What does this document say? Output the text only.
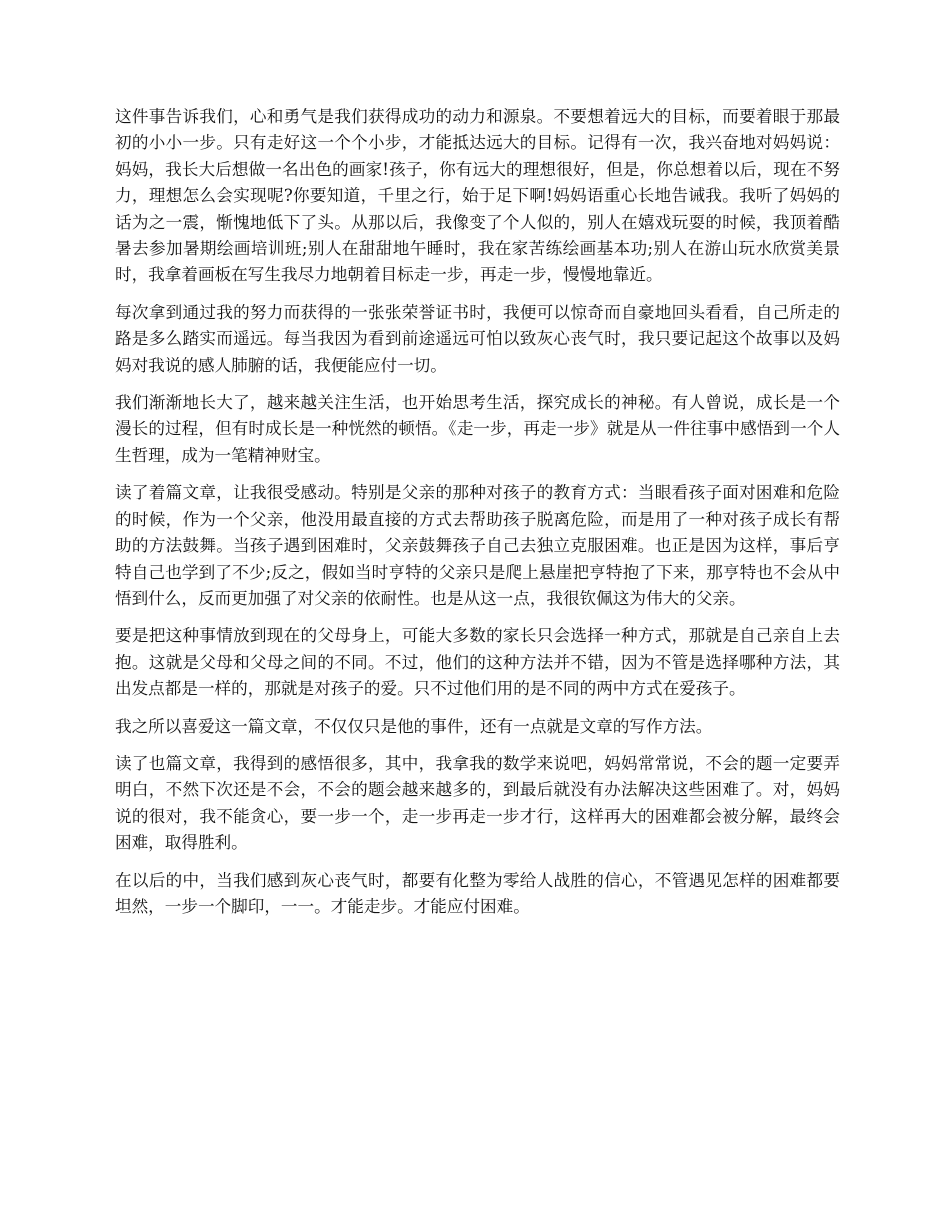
这件事告诉我们，心和勇气是我们获得成功的动力和源泉。不要想着远大的目标，而要着眼于那最初的小小一步。只有走好这一个个小步，才能抵达远大的目标。记得有一次，我兴奋地对妈妈说：妈妈，我长大后想做一名出色的画家!孩子，你有远大的理想很好，但是，你总想着以后，现在不努力，理想怎么会实现呢?你要知道，千里之行，始于足下啊!妈妈语重心长地告诫我。我听了妈妈的话为之一震，惭愧地低下了头。从那以后，我像变了个人似的，别人在嬉戏玩耍的时候，我顶着酷暑去参加暑期绘画培训班;别人在甜甜地午睡时，我在家苦练绘画基本功;别人在游山玩水欣赏美景时，我拿着画板在写生我尽力地朝着目标走一步，再走一步，慢慢地靠近。

每次拿到通过我的努力而获得的一张张荣誉证书时，我便可以惊奇而自豪地回头看看，自己所走的路是多么踏实而遥远。每当我因为看到前途遥远可怕以致灰心丧气时，我只要记起这个故事以及妈妈对我说的感人肺腑的话，我便能应付一切。

我们渐渐地长大了，越来越关注生活，也开始思考生活，探究成长的神秘。有人曾说，成长是一个漫长的过程，但有时成长是一种恍然的顿悟。《走一步，再走一步》就是从一件往事中感悟到一个人生哲理，成为一笔精神财宝。

读了着篇文章，让我很受感动。特别是父亲的那种对孩子的教育方式：当眼看孩子面对困难和危险的时候，作为一个父亲，他没用最直接的方式去帮助孩子脱离危险，而是用了一种对孩子成长有帮助的方法鼓舞。当孩子遇到困难时，父亲鼓舞孩子自己去独立克服困难。也正是因为这样，事后亨特自己也学到了不少;反之，假如当时亨特的父亲只是爬上悬崖把亨特抱了下来，那亨特也不会从中悟到什么，反而更加强了对父亲的依耐性。也是从这一点，我很钦佩这为伟大的父亲。

要是把这种事情放到现在的父母身上，可能大多数的家长只会选择一种方式，那就是自己亲自上去抱。这就是父母和父母之间的不同。不过，他们的这种方法并不错，因为不管是选择哪种方法，其出发点都是一样的，那就是对孩子的爱。只不过他们用的是不同的两中方式在爱孩子。

我之所以喜爱这一篇文章，不仅仅只是他的事件，还有一点就是文章的写作方法。

读了也篇文章，我得到的感悟很多，其中，我拿我的数学来说吧，妈妈常常说，不会的题一定要弄明白，不然下次还是不会，不会的题会越来越多的，到最后就没有办法解决这些困难了。对，妈妈说的很对，我不能贪心，要一步一个，走一步再走一步才行，这样再大的困难都会被分解，最终会困难，取得胜利。

在以后的中，当我们感到灰心丧气时，都要有化整为零给人战胜的信心，不管遇见怎样的困难都要坦然，一步一个脚印，一一。才能走步。才能应付困难。
